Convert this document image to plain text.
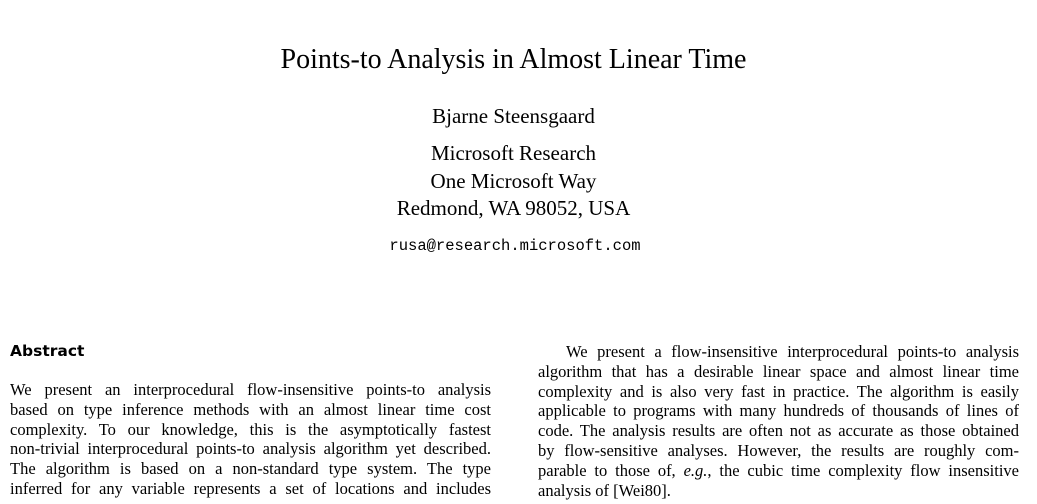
Points-to Analysis in Almost Linear Time
Bjarne Steensgaard
Microsoft Research
One Microsoft Way
Redmond, WA 98052, USA
rusa@research.microsoft.com
Abstract
We present an interprocedural flow-insensitive points-to analysis
based on type inference methods with an almost linear time cost
complexity. To our knowledge, this is the asymptotically fastest
non-trivial interprocedural points-to analysis algorithm yet described.
The algorithm is based on a non-standard type system. The type
inferred for any variable represents a set of locations and includes
We present a flow-insensitive interprocedural points-to analysis
algorithm that has a desirable linear space and almost linear time
complexity and is also very fast in practice. The algorithm is easily
applicable to programs with many hundreds of thousands of lines of
code. The analysis results are often not as accurate as those obtained
by flow-sensitive analyses. However, the results are roughly com-
parable to those of, e.g., the cubic time complexity flow insensitive
analysis of [Wei80].
